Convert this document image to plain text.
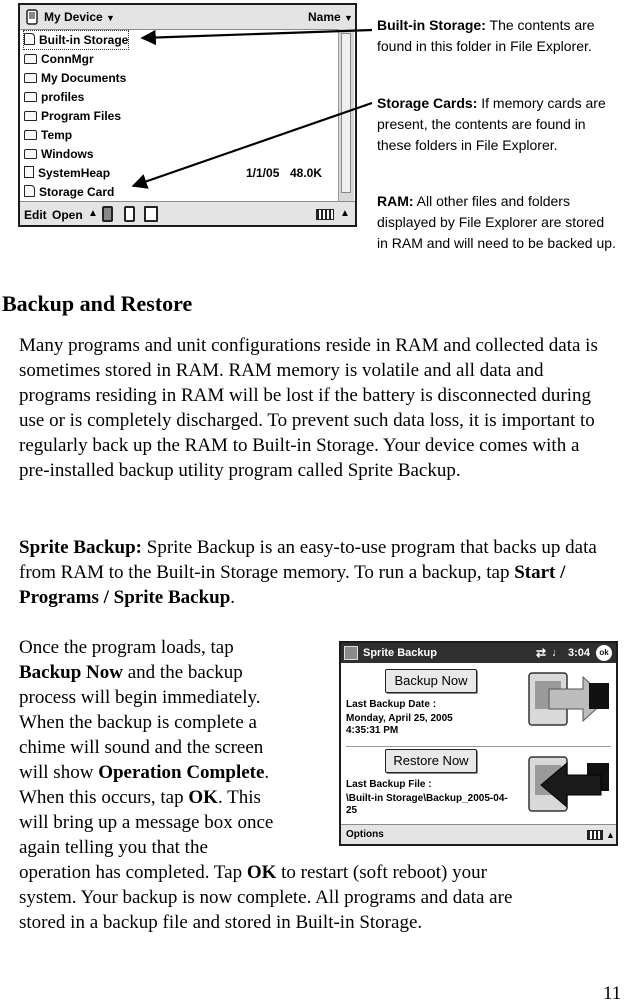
My Device ▼	Name ▼
Built-in Storage
ConnMgr
My Documents
profiles
Program Files
Temp
Windows
SystemHeap	1/1/05 48.0K
Storage Card
Edit Open ▲	▲
Built-in Storage: The contents are found in this folder in File Explorer.
Storage Cards: If memory cards are present, the contents are found in these folders in File Explorer.
RAM: All other files and folders displayed by File Explorer are stored in RAM and will need to be backed up.
Backup and Restore
Many programs and unit configurations reside in RAM and collected data is sometimes stored in RAM. RAM memory is volatile and all data and programs residing in RAM will be lost if the battery is disconnected during use or is completely discharged. To prevent such data loss, it is important to regularly back up the RAM to Built-in Storage. Your device comes with a pre-installed backup utility program called Sprite Backup.
Sprite Backup: Sprite Backup is an easy-to-use program that backs up data from RAM to the Built-in Storage memory. To run a backup, tap Start / Programs / Sprite Backup.
Once the program loads, tap
Backup Now and the backup
process will begin immediately.
When the backup is complete a
chime will sound and the screen
will show Operation Complete.
When this occurs, tap OK. This
will bring up a message box once
again telling you that the
operation has completed. Tap OK to restart (soft reboot) your
system. Your backup is now complete. All programs and data are
stored in a backup file and stored in Built-in Storage.
Sprite Backup	⇄ ♩ 3:04	ok
Backup Now
Last Backup Date :
Monday, April 25, 2005
4:35:31 PM
Restore Now
Last Backup File :
\Built-in Storage\Backup_2005-04-
25
Options	▲
11
